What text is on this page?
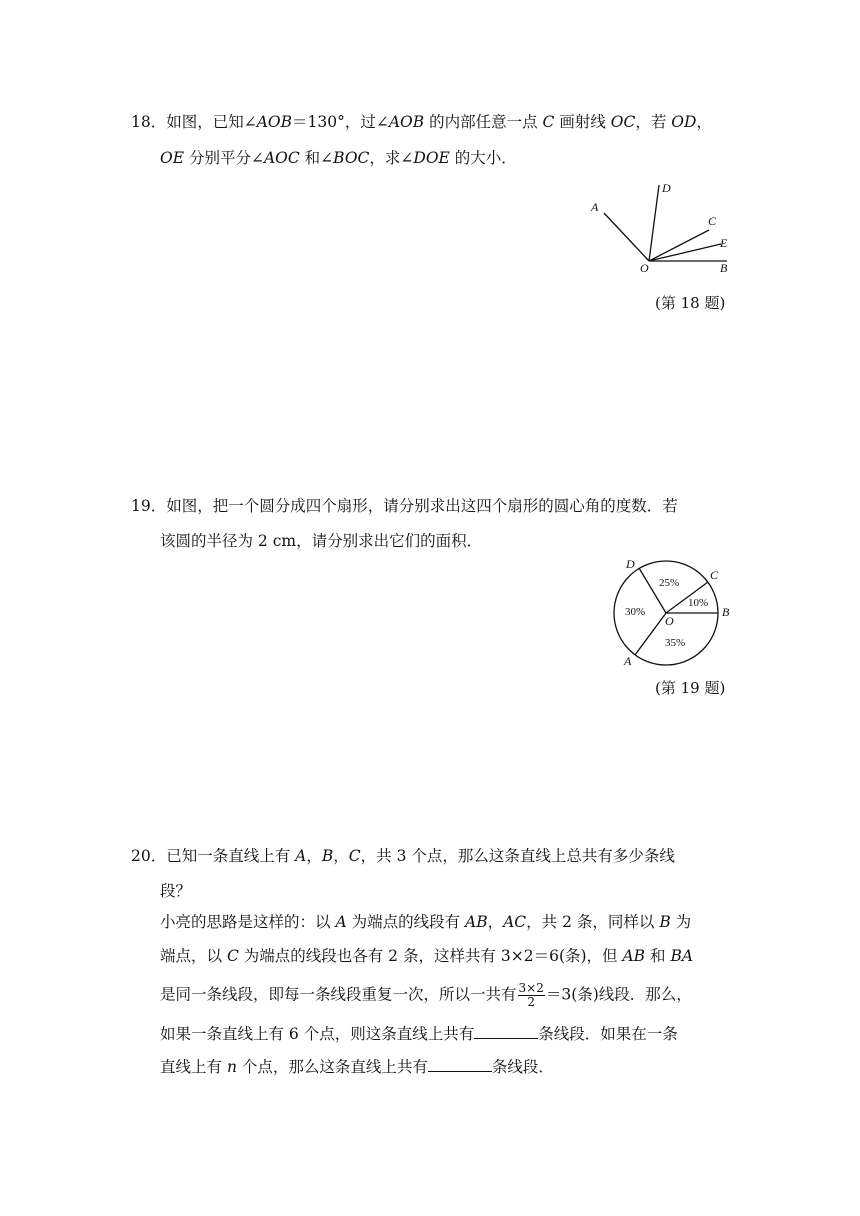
18．如图，已知∠AOB＝130°，过∠AOB 的内部任意一点 C 画射线 OC，若 OD，
OE 分别平分∠AOC 和∠BOC，求∠DOE 的大小．
A
D
C
E
O	B
(第 18 题)
19．如图，把一个圆分成四个扇形，请分别求出这四个扇形的圆心角的度数．若
该圆的半径为 2 cm，请分别求出它们的面积．
25%
10%
30%
35%
D
C
B
O
A
(第 19 题)
20．已知一条直线上有 A，B，C，共 3 个点，那么这条直线上总共有多少条线
段？
小亮的思路是这样的：以 A 为端点的线段有 AB，AC，共 2 条，同样以 B 为
端点，以 C 为端点的线段也各有 2 条，这样共有 3×2＝6(条)，但 AB 和 BA
是同一条线段，即每一条线段重复一次，所以一共有 $\frac{3\times 2}{2} =3$(条)线段．那么，
如果一条直线上有 6 个点，则这条直线上共有	条线段．如果在一条
直线上有 n 个点，那么这条直线上共有	条线段．
